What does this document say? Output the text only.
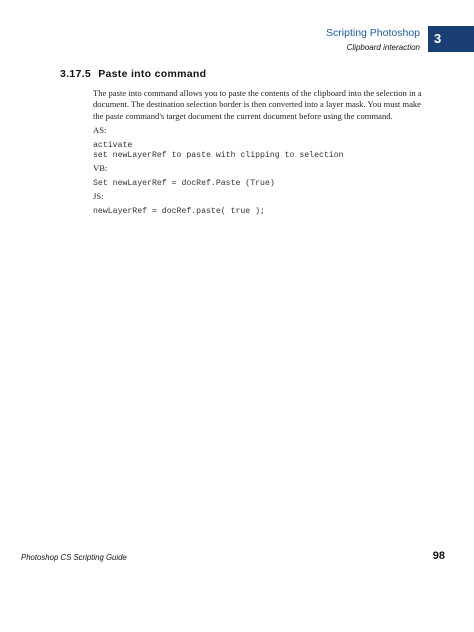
Scripting Photoshop
Clipboard interaction
3
3.17.5 Paste into command
The paste into command allows you to paste the contents of the clipboard into the selection in a document. The destination selection border is then converted into a layer mask. You must make the paste command's target document the current document before using the command.
AS:
activate
set newLayerRef to paste with clipping to selection
VB:
Set newLayerRef = docRef.Paste (True)
JS:
newLayerRef = docRef.paste( true );
Photoshop CS Scripting Guide	98
